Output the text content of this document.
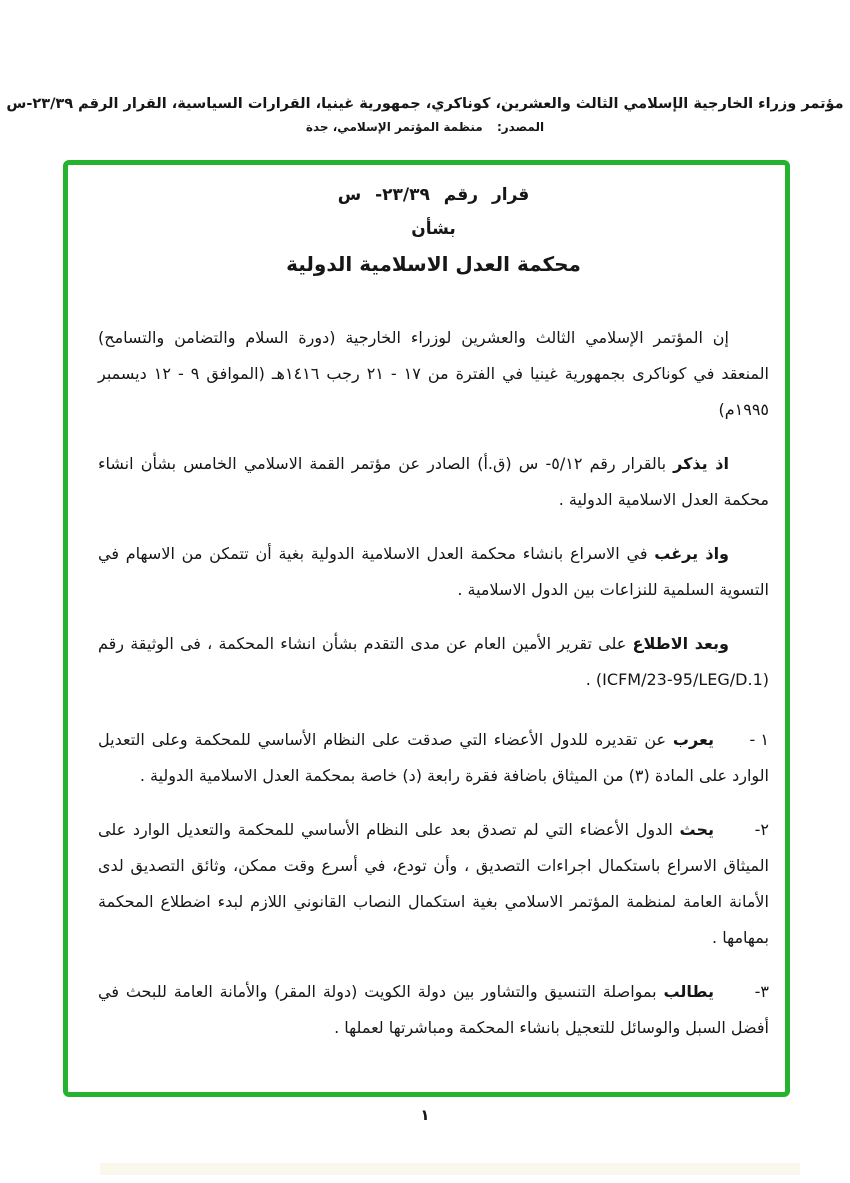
مؤتمر وزراء الخارجية الإسلامي الثالث والعشرين، كوناكري، جمهورية غينيا، القرارات السياسية، القرار الرقم ٢٣/٣٩-س
المصدر: منظمة المؤتمر الإسلامي، جدة
قرار رقم ٢٣/٣٩- س
بشأن
محكمة العدل الاسلامية الدولية

إن المؤتمر الإسلامي الثالث والعشرين لوزراء الخارجية (دورة السلام والتضامن والتسامح) المنعقد في كوناكرى بجمهورية غينيا في الفترة من ١٧ - ٢١ رجب ١٤١٦هـ (الموافق ٩ - ١٢ ديسمبر ١٩٩٥م)

اذ يذكر بالقرار رقم ٥/١٢- س (ق.أ) الصادر عن مؤتمر القمة الاسلامي الخامس بشأن انشاء محكمة العدل الاسلامية الدولية .

واذ يرغب في الاسراع بانشاء محكمة العدل الاسلامية الدولية بغية أن تتمكن من الاسهام في التسوية السلمية للنزاعات بين الدول الاسلامية .

وبعد الاطلاع على تقرير الأمين العام عن مدى التقدم بشأن انشاء المحكمة ، فى الوثيقة رقم (ICFM/23-95/LEG/D.1) .

١ -

يعرب عن تقديره للدول الأعضاء التي صدقت على النظام الأساسي للمحكمة وعلى التعديل الوارد على المادة (٣) من الميثاق باضافة فقرة رابعة (د) خاصة بمحكمة العدل الاسلامية الدولية .

٢-

يحث الدول الأعضاء التي لم تصدق بعد على النظام الأساسي للمحكمة والتعديل الوارد على الميثاق الاسراع باستكمال اجراءات التصديق ، وأن تودع، في أسرع وقت ممكن، وثائق التصديق لدى الأمانة العامة لمنظمة المؤتمر الاسلامي بغية استكمال النصاب القانوني اللازم لبدء اضطلاع المحكمة بمهامها .

٣-

يطالب بمواصلة التنسيق والتشاور بين دولة الكويت (دولة المقر) والأمانة العامة للبحث في أفضل السبل والوسائل للتعجيل بانشاء المحكمة ومباشرتها لعملها .

١
